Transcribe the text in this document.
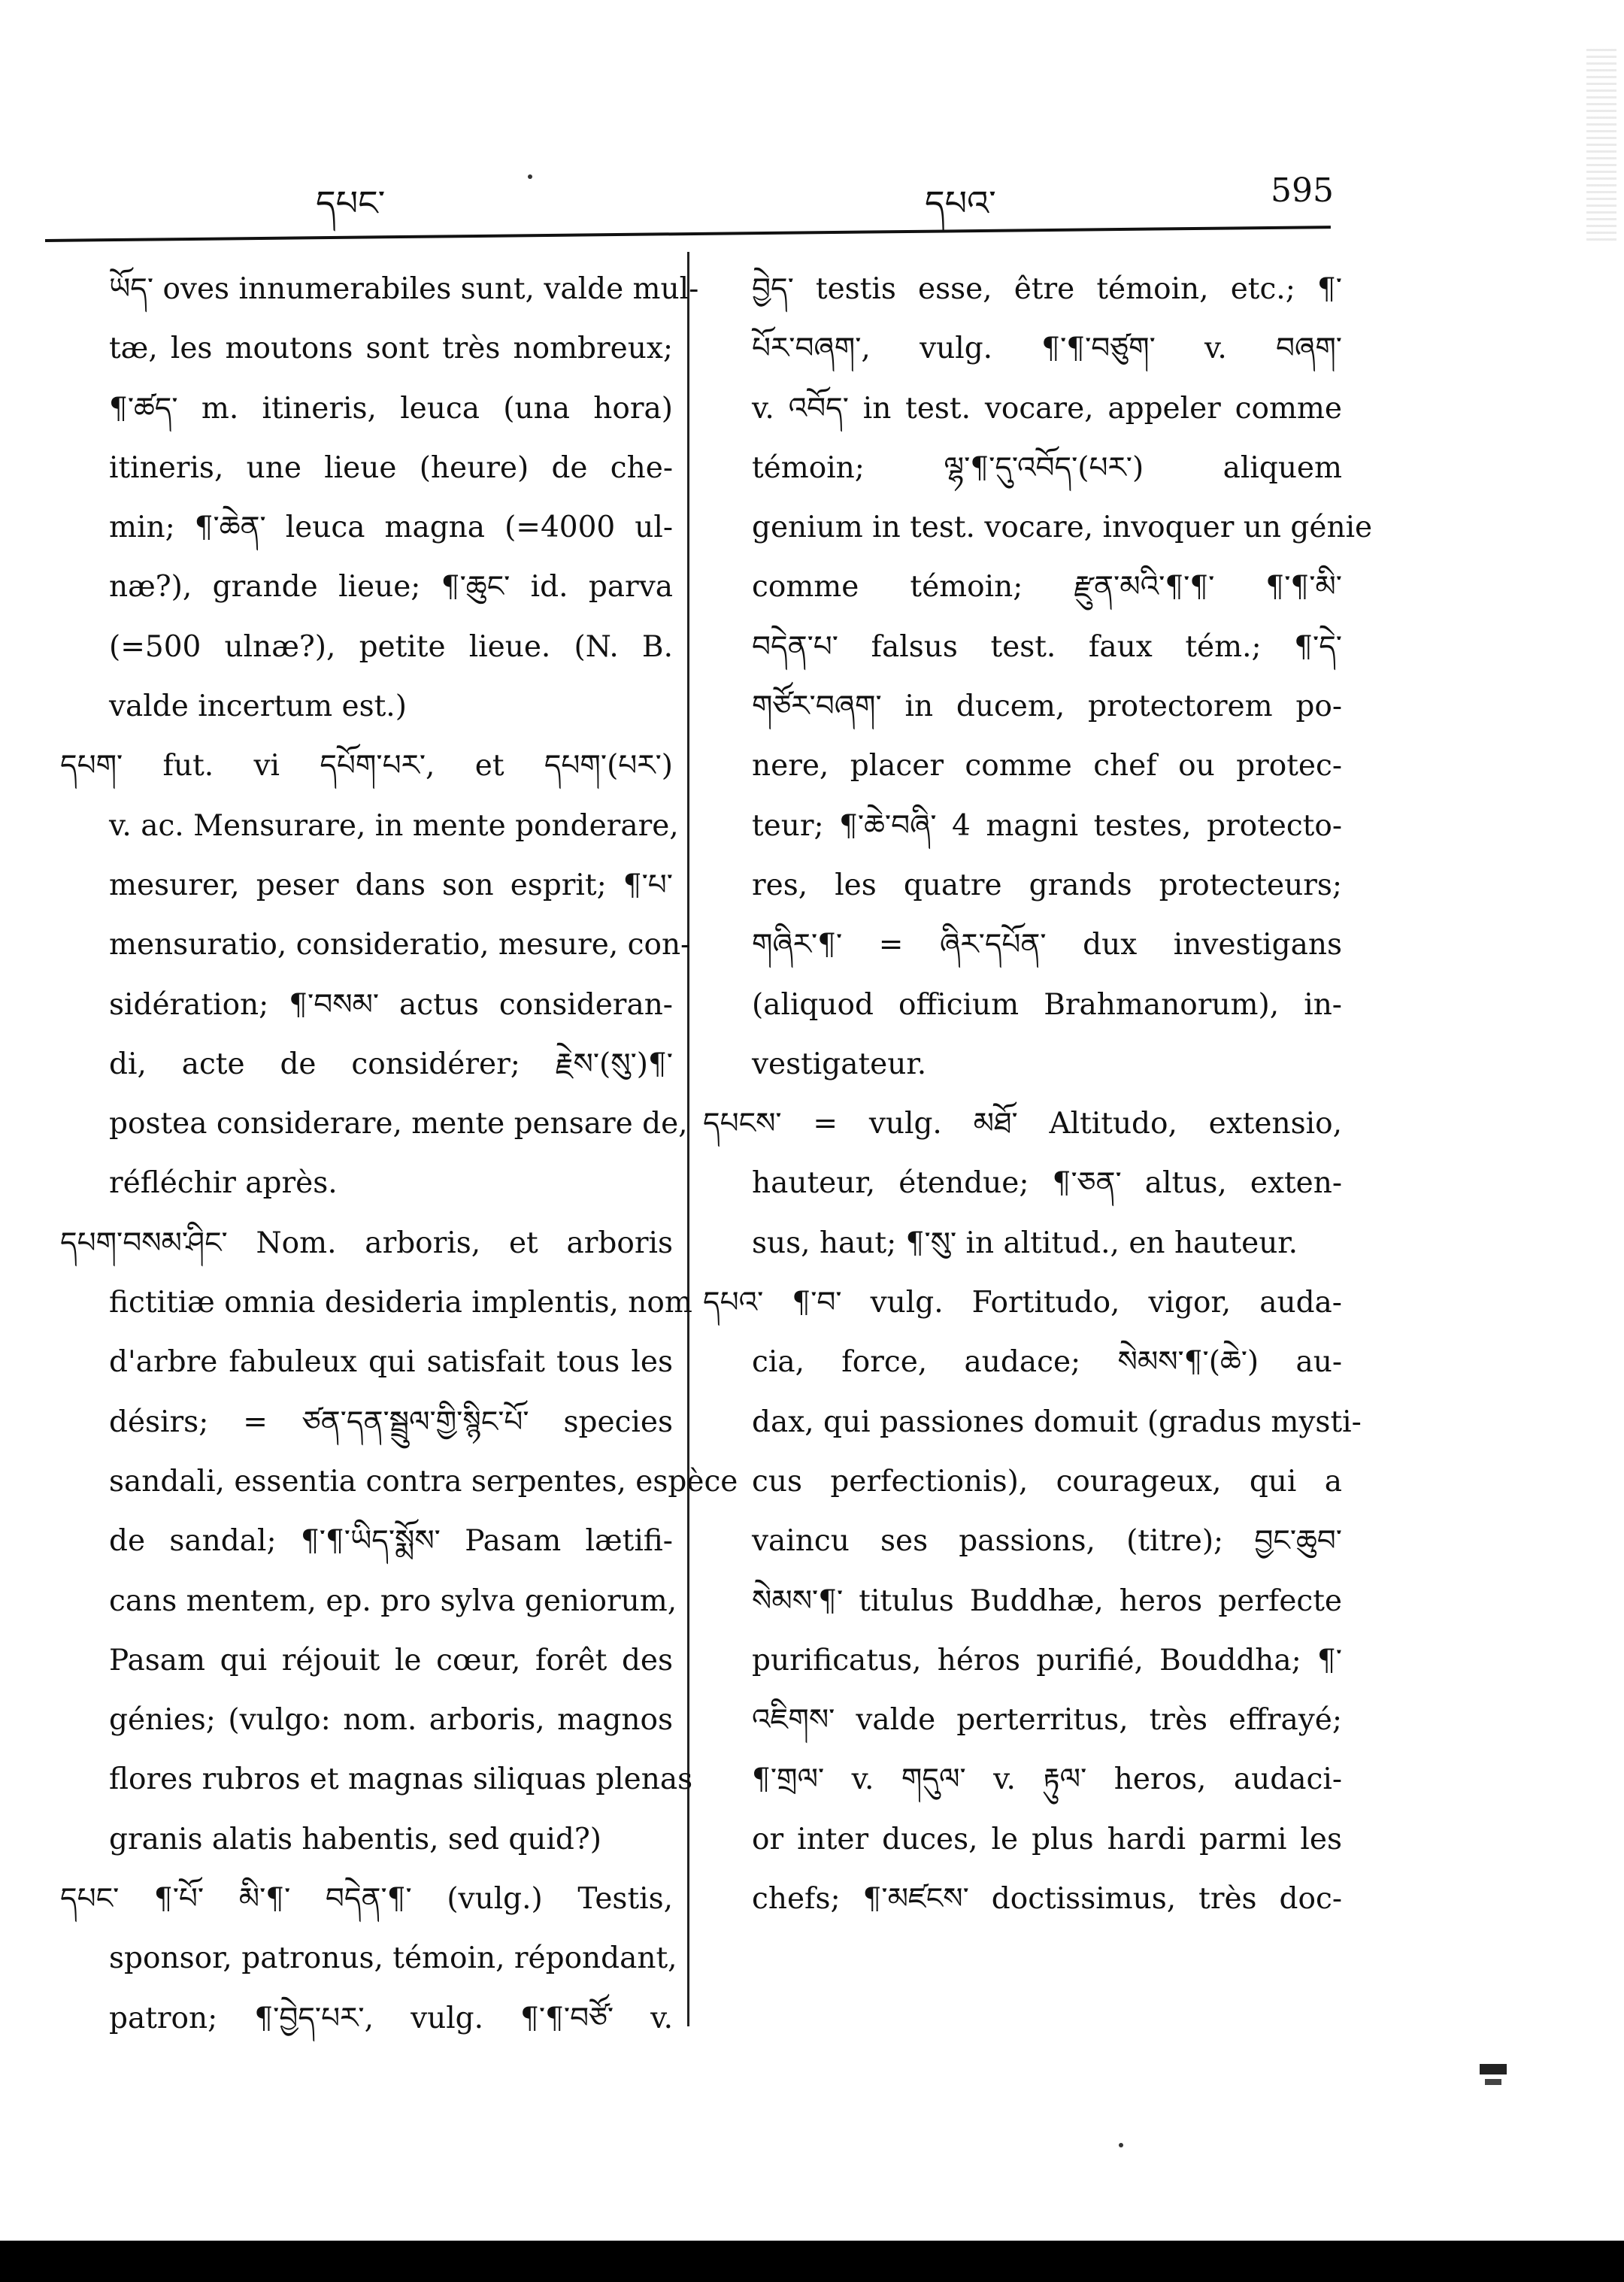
དཔང་	དཔའ་	595
ཡོད་ oves innumerabiles sunt, valde mul-
tæ, les moutons sont très nombreux;
¶་ཚད་ m. itineris, leuca (una hora)
itineris, une lieue (heure) de che-
min; ¶་ཆེན་ leuca magna (=4000 ul-
næ?), grande lieue; ¶་ཆུང་ id. parva
(=500 ulnæ?), petite lieue. (N. B.
valde incertum est.)
དཔག་ fut. vi དཔོག་པར་, et དཔག་(པར་)
v. ac. Mensurare, in mente ponderare,
mesurer, peser dans son esprit; ¶་པ་
mensuratio, consideratio, mesure, con-
sidération; ¶་བསམ་ actus consideran-
di, acte de considérer; རྗེས་(སུ་)¶་
postea considerare, mente pensare de,
réfléchir après.
དཔག་བསམ་ཤིང་ Nom. arboris, et arboris
fictitiæ omnia desideria implentis, nom
d'arbre fabuleux qui satisfait tous les
désirs; = ཙན་དན་སྦྲུལ་གྱི་སྙིང་པོ་ species
sandali, essentia contra serpentes, espèce
de sandal; ¶་¶་ཡིད་སྨོས་ Pasam lætifi-
cans mentem, ep. pro sylva geniorum,
Pasam qui réjouit le cœur, forêt des
génies; (vulgo: nom. arboris, magnos
flores rubros et magnas siliquas plenas
granis alatis habentis, sed quid?)
དཔང་ ¶་པོ་ མི་¶་ བདེན་¶་ (vulg.) Testis,
sponsor, patronus, témoin, répondant,
patron; ¶་བྱེད་པར་, vulg. ¶་¶་བཙོ་ v.
བྱེད་ testis esse, être témoin, etc.; ¶་
པོར་བཞག་, vulg. ¶་¶་བཙུག་ v. བཞག་
v. འབོད་ in test. vocare, appeler comme
témoin; ལྷ་¶་དུ་འབོད་(པར་) aliquem
genium in test. vocare, invoquer un génie
comme témoin; རྫུན་མའི་¶་¶་ ¶་¶་མི་
བདེན་པ་ falsus test. faux tém.; ¶་དེ་
གཙོར་བཞག་ in ducem, protectorem po-
nere, placer comme chef ou protec-
teur; ¶་ཆེ་བཞི་ 4 magni testes, protecto-
res, les quatre grands protecteurs;
གཞིར་¶་ = ཞིར་དཔོན་ dux investigans
(aliquod officium Brahmanorum), in-
vestigateur.
དཔངས་ = vulg. མཐོ་ Altitudo, extensio,
hauteur, étendue; ¶་ཅན་ altus, exten-
sus, haut; ¶་སུ་ in altitud., en hauteur.
དཔའ་ ¶་བ་ vulg. Fortitudo, vigor, auda-
cia, force, audace; སེམས་¶་(ཆེ་) au-
dax, qui passiones domuit (gradus mysti-
cus perfectionis), courageux, qui a
vaincu ses passions, (titre); བྱང་ཆུབ་
སེམས་¶་ titulus Buddhæ, heros perfecte
purificatus, héros purifié, Bouddha; ¶་
འཇིགས་ valde perterritus, très effrayé;
¶་གྲལ་ v. གདུལ་ v. རྟུལ་ heros, audaci-
or inter duces, le plus hardi parmi les
chefs; ¶་མཛངས་ doctissimus, très doc-
